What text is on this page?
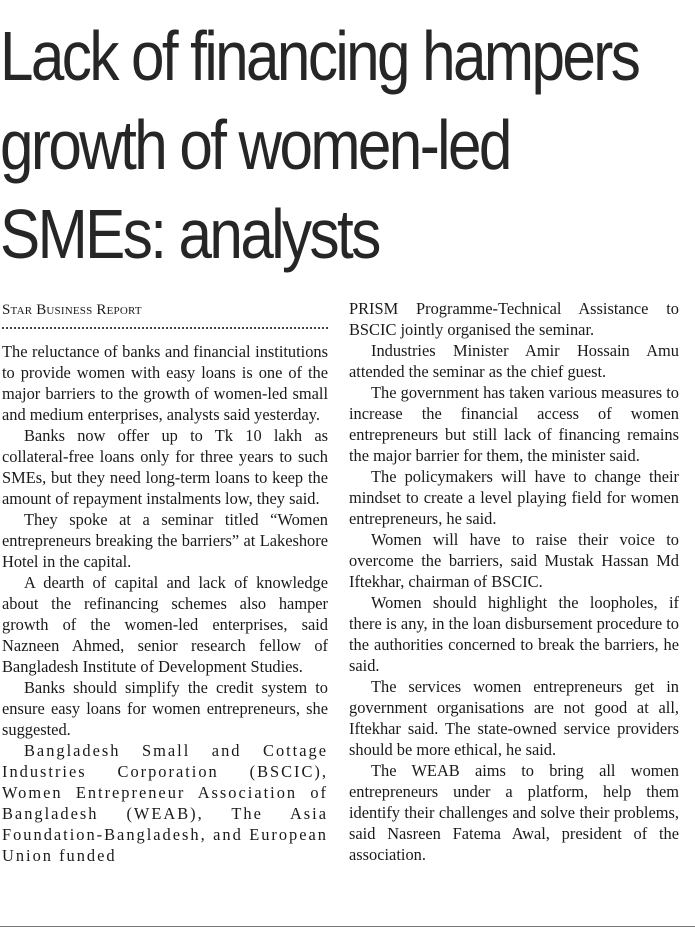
Lack of financing hampers
growth of women-led
SMEs: analysts
Star Business Report

The reluctance of banks and financial institutions to provide women with easy loans is one of the major barriers to the growth of women-led small and medium enterprises, analysts said yesterday.

Banks now offer up to Tk 10 lakh as collateral-free loans only for three years to such SMEs, but they need long-term loans to keep the amount of repayment instalments low, they said.

They spoke at a seminar titled “Women entrepreneurs breaking the barriers” at Lakeshore Hotel in the capital.

A dearth of capital and lack of knowledge about the refinancing schemes also hamper growth of the women-led enterprises, said Nazneen Ahmed, senior research fellow of Bangladesh Institute of Development Studies.

Banks should simplify the credit system to ensure easy loans for women entrepreneurs, she suggested.

Bangladesh Small and Cottage Industries Corporation (BSCIC), Women Entrepreneur Association of Bangladesh (WEAB), The Asia Foundation-Bangladesh, and European Union funded

PRISM Programme-Technical Assistance to BSCIC jointly organised the seminar.

Industries Minister Amir Hossain Amu attended the seminar as the chief guest.

The government has taken various measures to increase the financial access of women entrepreneurs but still lack of financing remains the major barrier for them, the minister said.

The policymakers will have to change their mindset to create a level playing field for women entrepreneurs, he said.

Women will have to raise their voice to overcome the barriers, said Mustak Hassan Md Iftekhar, chairman of BSCIC.

Women should highlight the loopholes, if there is any, in the loan disbursement procedure to the authorities concerned to break the barriers, he said.

The services women entrepreneurs get in government organisations are not good at all, Iftekhar said. The state-owned service providers should be more ethical, he said.

The WEAB aims to bring all women entrepreneurs under a platform, help them identify their challenges and solve their problems, said Nasreen Fatema Awal, president of the association.
